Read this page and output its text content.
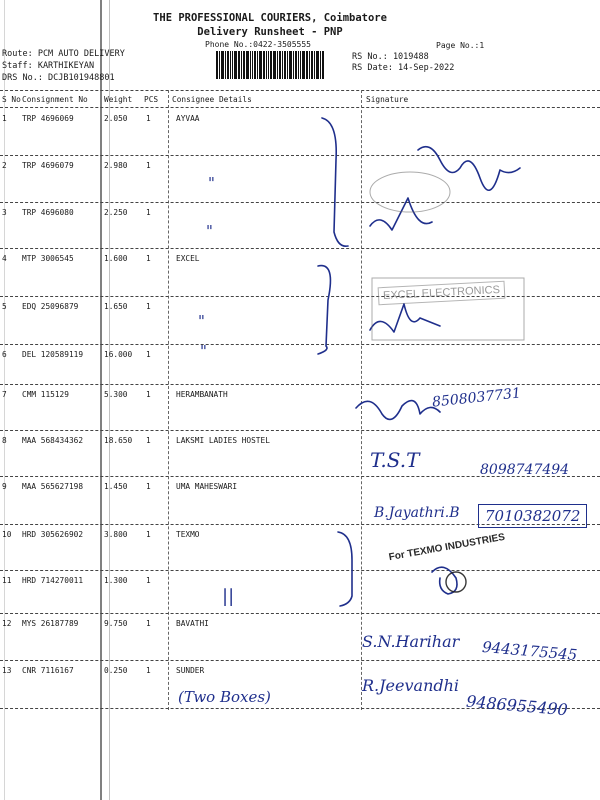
THE PROFESSIONAL COURIERS, Coimbatore
Delivery Runsheet - PNP
Phone No.:0422-3505555	Page No.:1
RS No.: 1019488
RS Date: 14-Sep-2022
Route: PCM AUTO DELIVERY
Staff: KARTHIKEYAN
DRS No.: DCJB101948801
S No Consignment No Weight PCS Consignee Details	Signature
1 TRP 4696069	2.050 1	AYVAA
2 TRP 4696079	2.980 1
3 TRP 4696080	2.250 1
4 MTP 3006545	1.600 1	EXCEL
5 EDQ 25096879	1.650 1
6 DEL 120589119	16.000 1
7 CMM 115129	5.300 1	HERAMBANATH
8 MAA 568434362	18.650 1	LAKSMI LADIES HOSTEL
9 MAA 565627198	1.450 1	UMA MAHESWARI
10 HRD 305626902	3.800 1	TEXMO
11 HRD 714270011	1.300 1
12 MYS 26187789	9.750 1	BAVATHI
13 CNR 7116167	0.250 1	SUNDER
"
"
"
"
||
(Two Boxes)
8508037731
T.S.T	8098747494
B.Jayathri.B	7010382072
S.N.Harihar 9443175545
R.Jeevandhi
9486955490
EXCEL ELECTRONICS
For TEXMO INDUSTRIES
